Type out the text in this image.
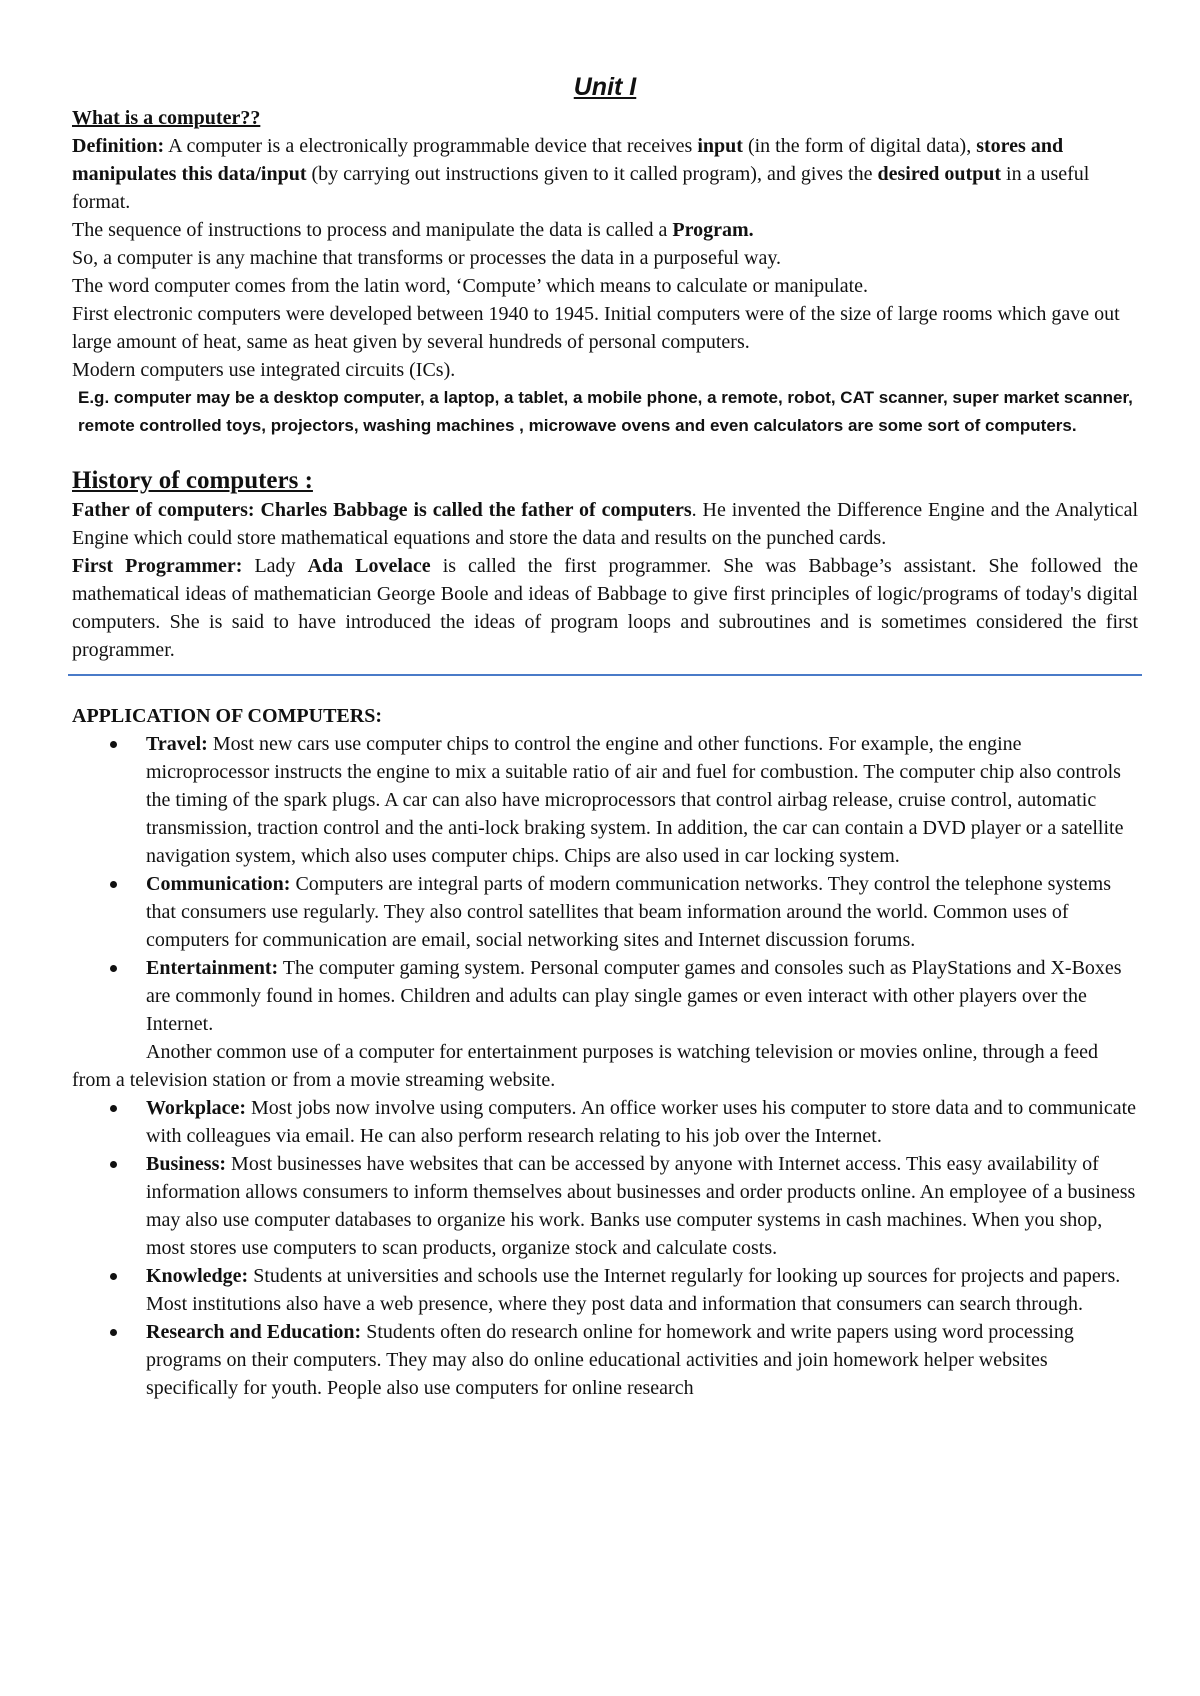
Unit I

What is a computer??

Definition: A computer is a electronically programmable device that receives input (in the form of digital data), stores and manipulates this data/input (by carrying out instructions given to it called program), and gives the desired output in a useful format.

The sequence of instructions to process and manipulate the data is called a Program.

So, a computer is any machine that transforms or processes the data in a purposeful way.

The word computer comes from the latin word, ‘Compute’ which means to calculate or manipulate.

First electronic computers were developed between 1940 to 1945. Initial computers were of the size of large rooms which gave out large amount of heat, same as heat given by several hundreds of personal computers.

Modern computers use integrated circuits (ICs).

E.g. computer may be a desktop computer, a laptop, a tablet, a mobile phone, a remote, robot, CAT scanner, super market scanner, remote controlled toys, projectors, washing machines , microwave ovens and even calculators are some sort of computers.

History of computers :

Father of computers: Charles Babbage is called the father of computers. He invented the Difference Engine and the Analytical Engine which could store mathematical equations and store the data and results on the punched cards.

First Programmer: Lady Ada Lovelace is called the first programmer. She was Babbage’s assistant. She followed the mathematical ideas of mathematician George Boole and ideas of Babbage to give first principles of logic/programs of today's digital computers. She is said to have introduced the ideas of program loops and subroutines and is sometimes considered the first programmer.

APPLICATION OF COMPUTERS:

Travel: Most new cars use computer chips to control the engine and other functions. For example, the engine microprocessor instructs the engine to mix a suitable ratio of air and fuel for combustion. The computer chip also controls the timing of the spark plugs. A car can also have microprocessors that control airbag release, cruise control, automatic transmission, traction control and the anti-lock braking system. In addition, the car can contain a DVD player or a satellite navigation system, which also uses computer chips. Chips are also used in car locking system.
Communication: Computers are integral parts of modern communication networks. They control the telephone systems that consumers use regularly. They also control satellites that beam information around the world. Common uses of computers for communication are email, social networking sites and Internet discussion forums.
Entertainment: The computer gaming system. Personal computer games and consoles such as PlayStations and X-Boxes are commonly found in homes. Children and adults can play single games or even interact with other players over the Internet.

Another common use of a computer for entertainment purposes is watching television or movies online, through a feed from a television station or from a movie streaming website.

Workplace: Most jobs now involve using computers. An office worker uses his computer to store data and to communicate with colleagues via email. He can also perform research relating to his job over the Internet.
Business: Most businesses have websites that can be accessed by anyone with Internet access. This easy availability of information allows consumers to inform themselves about businesses and order products online. An employee of a business may also use computer databases to organize his work. Banks use computer systems in cash machines. When you shop, most stores use computers to scan products, organize stock and calculate costs.
Knowledge: Students at universities and schools use the Internet regularly for looking up sources for projects and papers. Most institutions also have a web presence, where they post data and information that consumers can search through.
Research and Education: Students often do research online for homework and write papers using word processing programs on their computers. They may also do online educational activities and join homework helper websites specifically for youth. People also use computers for online research
